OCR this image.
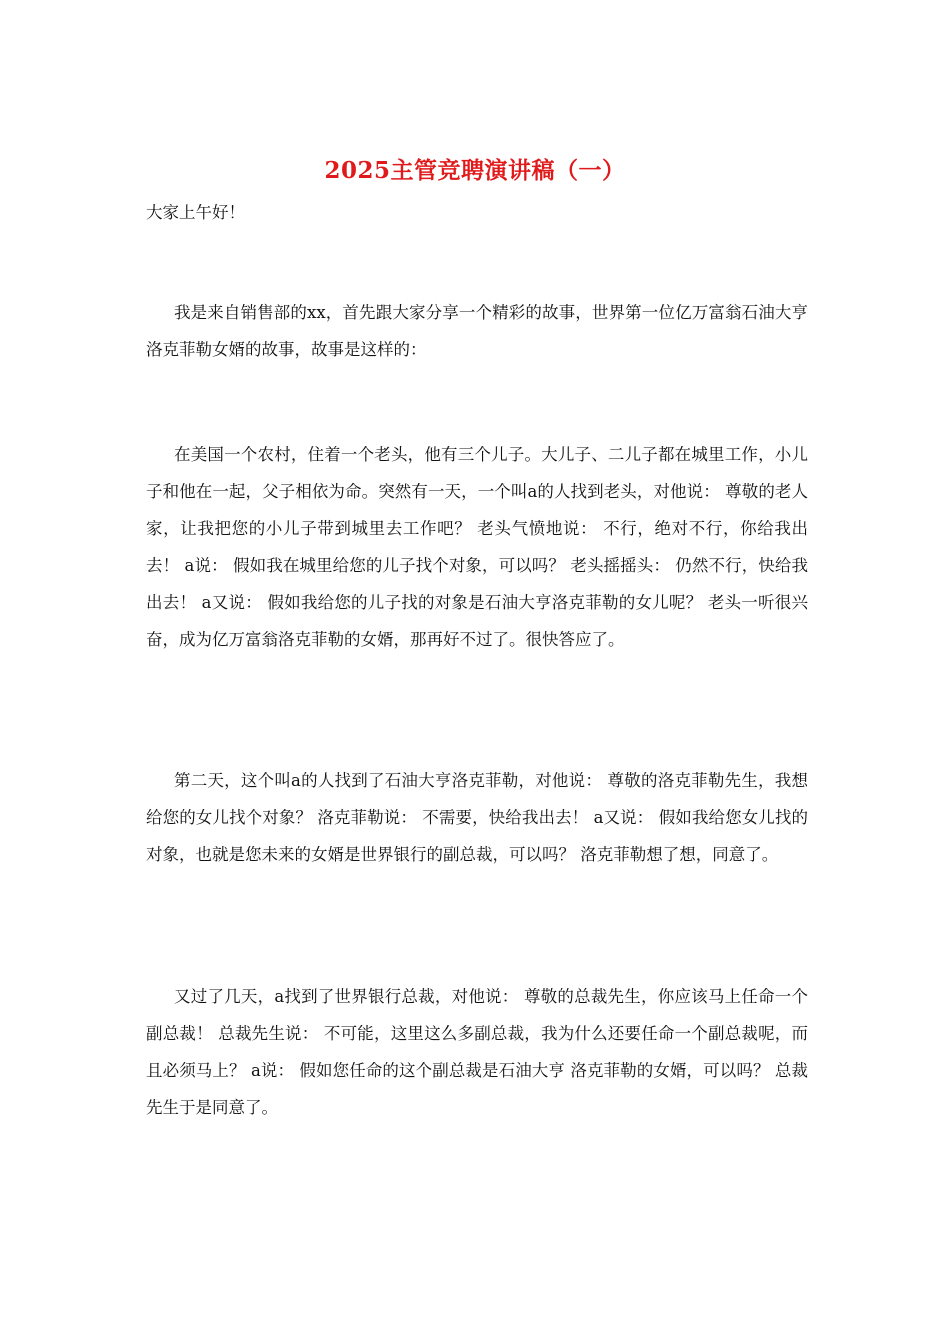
2025主管竞聘演讲稿（一）
大家上午好！

我是来自销售部的xx，首先跟大家分享一个精彩的故事，世界第一位亿万富翁石油大亨 洛克菲勒女婿的故事，故事是这样的：

在美国一个农村，住着一个老头，他有三个儿子。大儿子、二儿子都在城里工作，小儿子和他在一起，父子相依为命。突然有一天，一个叫a的人找到老头，对他说： 尊敬的老人家，让我把您的小儿子带到城里去工作吧？ 老头气愤地说： 不行，绝对不行，你给我出去！ a说： 假如我在城里给您的儿子找个对象，可以吗？ 老头摇摇头： 仍然不行，快给我出去！ a又说： 假如我给您的儿子找的对象是石油大亨洛克菲勒的女儿呢？ 老头一听很兴奋，成为亿万富翁洛克菲勒的女婿，那再好不过了。很快答应了。

第二天，这个叫a的人找到了石油大亨洛克菲勒，对他说： 尊敬的洛克菲勒先生，我想给您的女儿找个对象？ 洛克菲勒说： 不需要，快给我出去！ a又说： 假如我给您女儿找的对象，也就是您未来的女婿是世界银行的副总裁，可以吗？ 洛克菲勒想了想，同意了。

又过了几天，a找到了世界银行总裁，对他说： 尊敬的总裁先生，你应该马上任命一个副总裁！ 总裁先生说： 不可能，这里这么多副总裁，我为什么还要任命一个副总裁呢，而且必须马上？ a说： 假如您任命的这个副总裁是石油大亨 洛克菲勒的女婿，可以吗？ 总裁先生于是同意了。
